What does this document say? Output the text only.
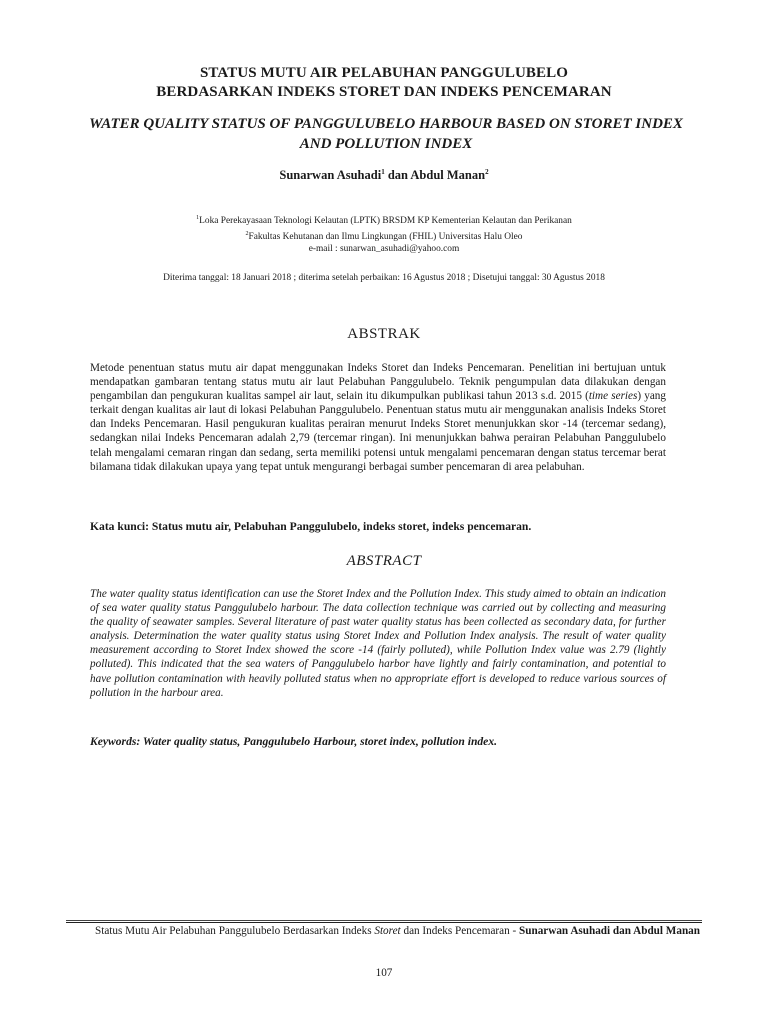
STATUS MUTU AIR PELABUHAN PANGGULUBELO
BERDASARKAN INDEKS STORET DAN INDEKS PENCEMARAN
WATER QUALITY STATUS OF PANGGULUBELO HARBOUR BASED ON STORET INDEX
AND POLLUTION INDEX
Sunarwan Asuhadi$^1$ dan Abdul Manan$^2$
$^1$Loka Perekayasaan Teknologi Kelautan (LPTK) BRSDM KP Kementerian Kelautan dan Perikanan
$^2$Fakultas Kehutanan dan Ilmu Lingkungan (FHIL) Universitas Halu Oleo
e-mail : sunarwan_asuhadi@yahoo.com
Diterima tanggal: 18 Januari 2018 ; diterima setelah perbaikan: 16 Agustus 2018 ; Disetujui tanggal: 30 Agustus 2018
ABSTRAK
Metode penentuan status mutu air dapat menggunakan Indeks Storet dan Indeks Pencemaran. Penelitian ini bertujuan untuk mendapatkan gambaran tentang status mutu air laut Pelabuhan Panggulubelo. Teknik pengumpulan data dilakukan dengan pengambilan dan pengukuran kualitas sampel air laut, selain itu dikumpulkan publikasi tahun 2013 s.d. 2015 (time series) yang terkait dengan kualitas air laut di lokasi Pelabuhan Panggulubelo. Penentuan status mutu air menggunakan analisis Indeks Storet dan Indeks Pencemaran. Hasil pengukuran kualitas perairan menurut Indeks Storet menunjukkan skor -14 (tercemar sedang), sedangkan nilai Indeks Pencemaran adalah 2,79 (tercemar ringan). Ini menunjukkan bahwa perairan Pelabuhan Panggulubelo telah mengalami cemaran ringan dan sedang, serta memiliki potensi untuk mengalami pencemaran dengan status tercemar berat bilamana tidak dilakukan upaya yang tepat untuk mengurangi berbagai sumber pencemaran di area pelabuhan.
Kata kunci: Status mutu air, Pelabuhan Panggulubelo, indeks storet, indeks pencemaran.
ABSTRACT
The water quality status identification can use the Storet Index and the Pollution Index. This study aimed to obtain an indication of sea water quality status Panggulubelo harbour. The data collection technique was carried out by collecting and measuring the quality of seawater samples. Several literature of past water quality status has been collected as secondary data, for further analysis. Determination the water quality status using Storet Index and Pollution Index analysis. The result of water quality measurement according to Storet Index showed the score -14 (fairly polluted), while Pollution Index value was 2.79 (lightly polluted). This indicated that the sea waters of Panggulubelo harbor have lightly and fairly contamination, and potential to have pollution contamination with heavily polluted status when no appropriate effort is developed to reduce various sources of pollution in the harbour area.
Keywords: Water quality status, Panggulubelo Harbour, storet index, pollution index.
Status Mutu Air Pelabuhan Panggulubelo Berdasarkan Indeks Storet dan Indeks Pencemaran - Sunarwan Asuhadi dan Abdul Manan
107
